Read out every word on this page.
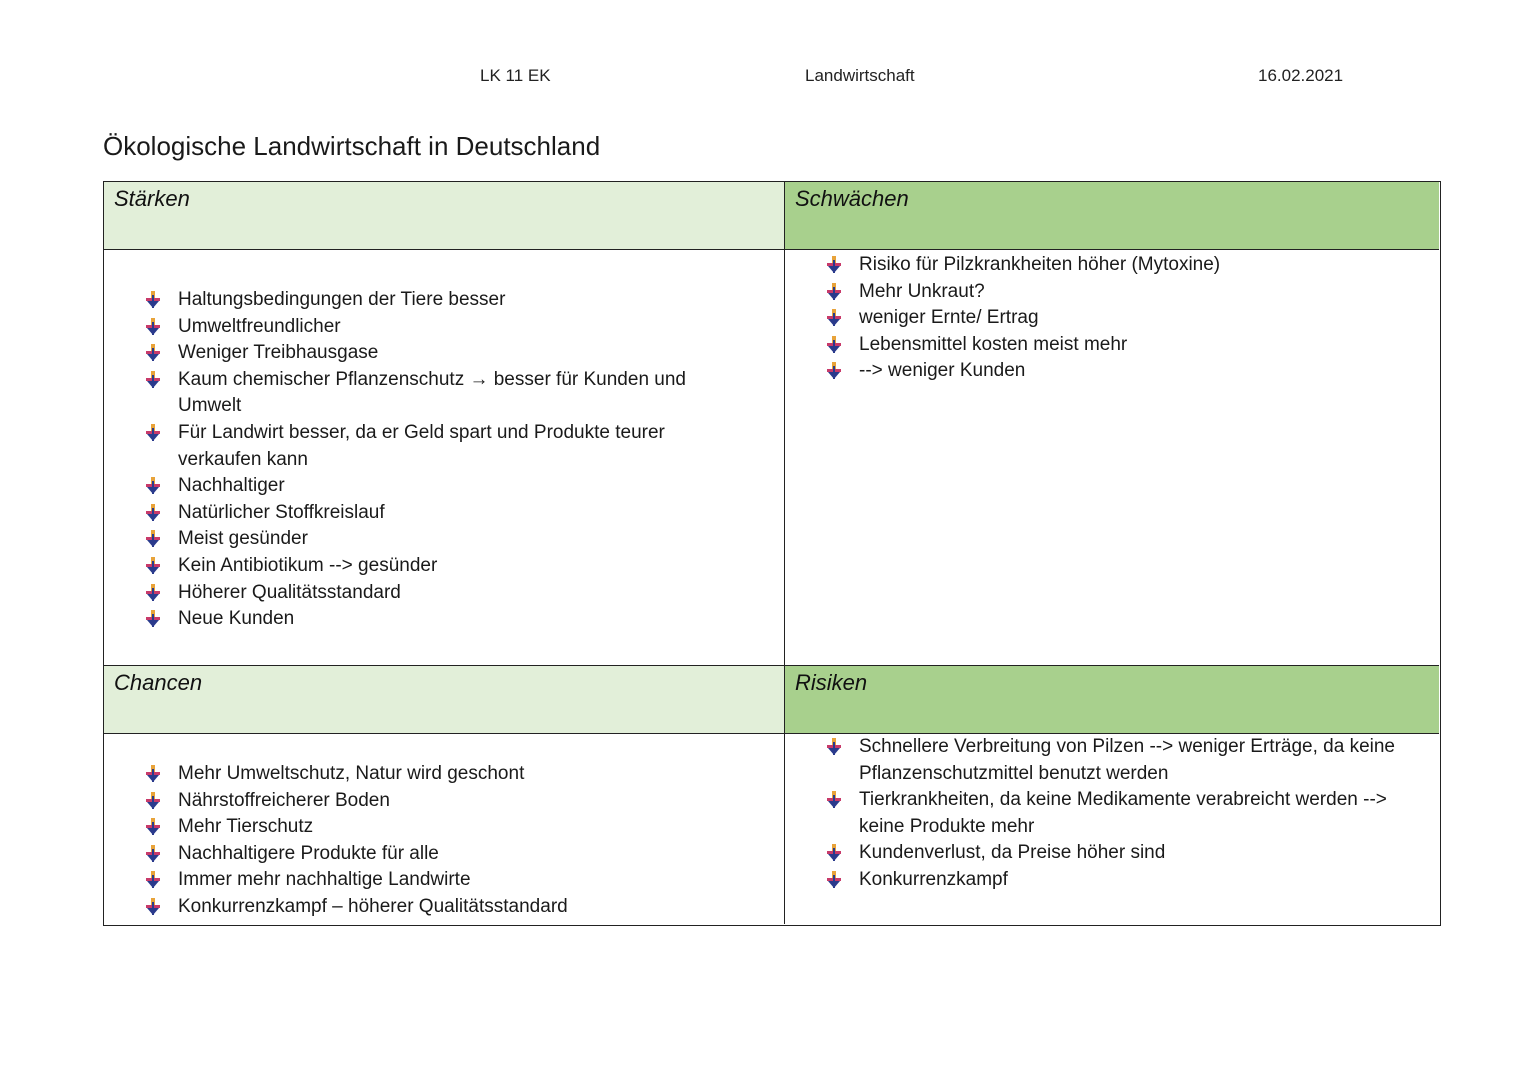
LK 11 EK	Landwirtschaft	16.02.2021
Ökologische Landwirtschaft in Deutschland
Stärken
Haltungsbedingungen der Tiere besser
Umweltfreundlicher
Weniger Treibhausgase
Kaum chemischer Pflanzenschutz → besser für Kunden und Umwelt
Für Landwirt besser, da er Geld spart und Produkte teurer verkaufen kann
Nachhaltiger
Natürlicher Stoffkreislauf
Meist gesünder
Kein Antibiotikum --> gesünder
Höherer Qualitätsstandard
Neue Kunden
Schwächen
Risiko für Pilzkrankheiten höher (Mytoxine)
Mehr Unkraut?
weniger Ernte/ Ertrag
Lebensmittel kosten meist mehr
--> weniger Kunden
Chancen
Mehr Umweltschutz, Natur wird geschont
Nährstoffreicherer Boden
Mehr Tierschutz
Nachhaltigere Produkte für alle
Immer mehr nachhaltige Landwirte
Konkurrenzkampf – höherer Qualitätsstandard
Risiken
Schnellere Verbreitung von Pilzen --> weniger Erträge, da keine Pflanzenschutzmittel benutzt werden
Tierkrankheiten, da keine Medikamente verabreicht werden --> keine Produkte mehr
Kundenverlust, da Preise höher sind
Konkurrenzkampf
